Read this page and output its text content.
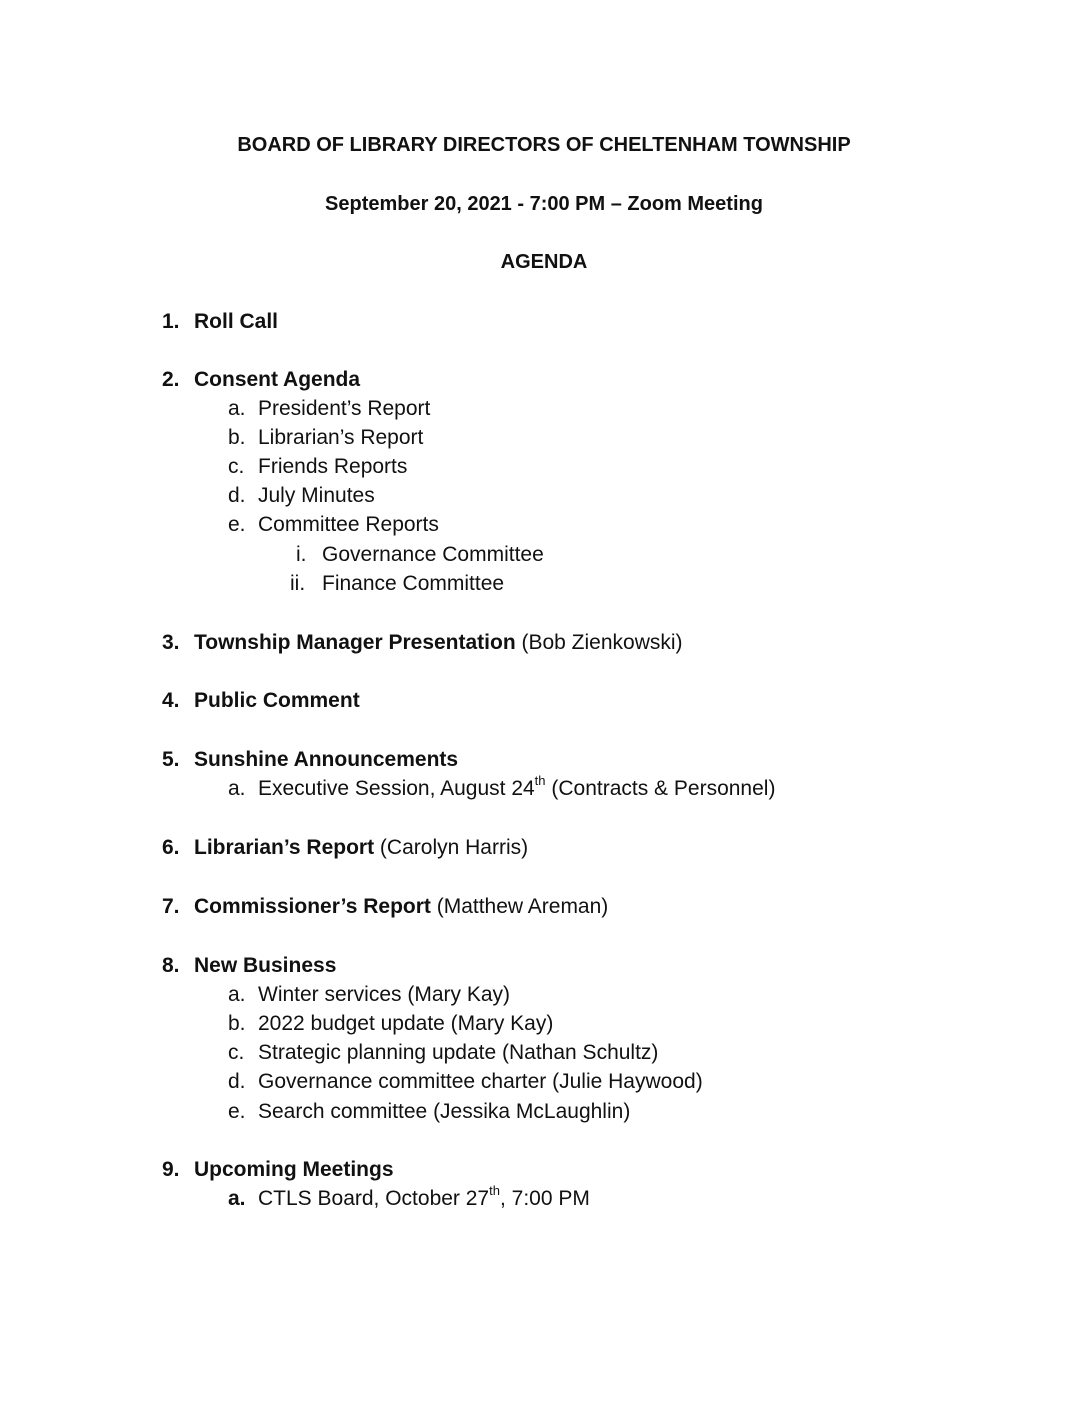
BOARD OF LIBRARY DIRECTORS OF CHELTENHAM TOWNSHIP
September 20, 2021 - 7:00 PM – Zoom Meeting
AGENDA
1. Roll Call
2. Consent Agenda
a. President’s Report
b. Librarian’s Report
c. Friends Reports
d. July Minutes
e. Committee Reports
i. Governance Committee
ii. Finance Committee
3. Township Manager Presentation (Bob Zienkowski)
4. Public Comment
5. Sunshine Announcements
a. Executive Session, August 24th (Contracts & Personnel)
6. Librarian’s Report (Carolyn Harris)
7. Commissioner’s Report (Matthew Areman)
8. New Business
a. Winter services (Mary Kay)
b. 2022 budget update (Mary Kay)
c. Strategic planning update (Nathan Schultz)
d. Governance committee charter (Julie Haywood)
e. Search committee (Jessika McLaughlin)
9. Upcoming Meetings
a. CTLS Board, October 27th, 7:00 PM
